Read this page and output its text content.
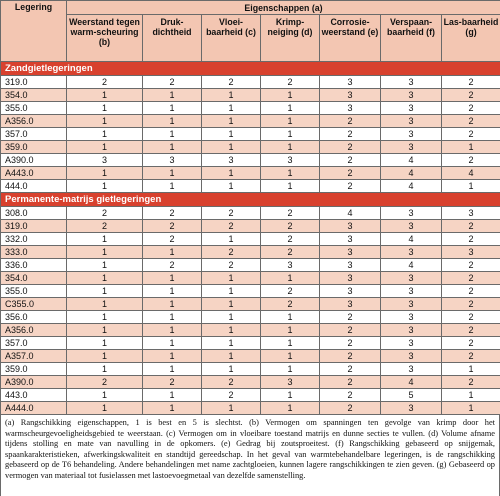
Legering	Eigenschappen (a)						
	Weerstand tegen warm-scheuring (b)	Druk-dichtheid	Vloei-baarheid (c)	Krimp-neiging (d)	Corrosie-weerstand (e)	Verspaan-baarheid (f)	Las-baarheid (g)
Zandgietlegeringen							
319.0	2	2	2	2	3	3	2
354.0	1	1	1	1	3	3	2
355.0	1	1	1	1	3	3	2
A356.0	1	1	1	1	2	3	2
357.0	1	1	1	1	2	3	2
359.0	1	1	1	1	2	3	1
A390.0	3	3	3	3	2	4	2
A443.0	1	1	1	1	2	4	4
444.0	1	1	1	1	2	4	1
Permanente-matrijs gietlegeringen							
308.0	2	2	2	2	4	3	3
319.0	2	2	2	2	3	3	2
332.0	1	2	1	2	3	4	2
333.0	1	1	2	2	3	3	3
336.0	1	2	2	3	3	4	2
354.0	1	1	1	1	3	3	2
355.0	1	1	1	2	3	3	2
C355.0	1	1	1	2	3	3	2
356.0	1	1	1	1	2	3	2
A356.0	1	1	1	1	2	3	2
357.0	1	1	1	1	2	3	2
A357.0	1	1	1	1	2	3	2
359.0	1	1	1	1	2	3	1
A390.0	2	2	2	3	2	4	2
443.0	1	1	2	1	2	5	1
A444.0	1	1	1	1	2	3	1
(a) Rangschikking eigenschappen, 1 is best en 5 is slechtst. (b) Vermogen om spanningen ten gevolge van krimp door het warmscheurgevoeligheidsgebied te weerstaan. (c) Vermogen om in vloeibare toestand matrijs en dunne secties te vullen. (d) Volume afname tijdens stolling en mate van navulling in de opkomers. (e) Gedrag bij zoutsproeitest. (f) Rangschikking gebaseerd op snijgemak, spaankarakteristieken, afwerkingskwaliteit en standtijd gereedschap. In het geval van warmtebehandelbare legeringen, is de rangschikking gebaseerd op de T6 behandeling. Andere behandelingen met name zachtgloeien, kunnen lagere rangschikkingen te zien geven. (g) Gebaseerd op vermogen van materiaal tot fusielassen met lastoevoegmetaal van dezelfde samenstelling.
